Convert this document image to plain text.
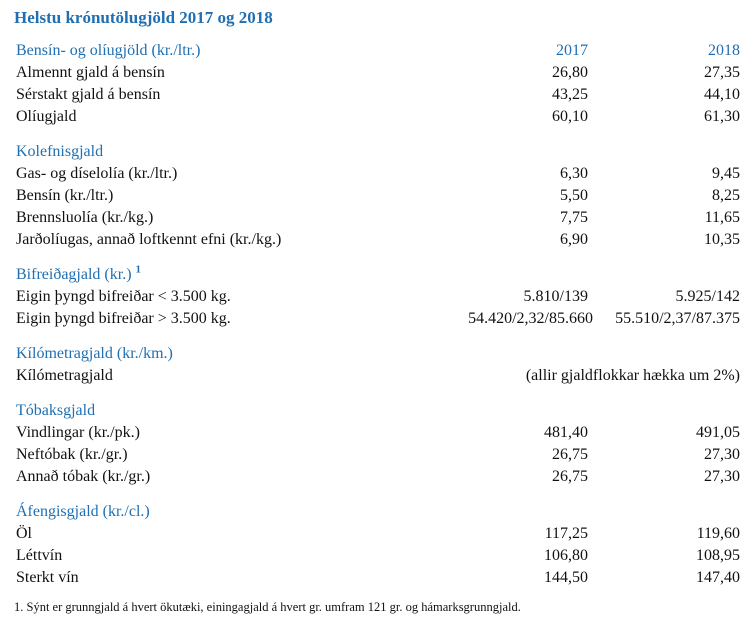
Helstu krónutölugjöld 2017 og 2018
Bensín- og olíugjöld (kr./ltr.)	2017	2018
Almennt gjald á bensín	26,80	27,35
Sérstakt gjald á bensín	43,25	44,10
Olíugjald	60,10	61,30
Kolefnisgjald
Gas- og díselolía (kr./ltr.)	6,30	9,45
Bensín (kr./ltr.)	5,50	8,25
Brennsluolía (kr./kg.)	7,75	11,65
Jarðolíugas, annað loftkennt efni (kr./kg.)	6,90	10,35
Bifreiðagjald (kr.) $^1$
Eigin þyngd bifreiðar < 3.500 kg.	5.810/139	5.925/142
Eigin þyngd bifreiðar > 3.500 kg.	54.420/2,32/85.660 55.510/2,37/87.375
Kílómetragjald (kr./km.)
Kílómetragjald	(allir gjaldflokkar hækka um 2%)
Tóbaksgjald
Vindlingar (kr./pk.)	481,40	491,05
Neftóbak (kr./gr.)	26,75	27,30
Annað tóbak (kr./gr.)	26,75	27,30
Áfengisgjald (kr./cl.)
Öl	117,25	119,60
Léttvín	106,80	108,95
Sterkt vín	144,50	147,40
1. Sýnt er grunngjald á hvert ökutæki, einingagjald á hvert gr. umfram 121 gr. og hámarksgrunngjald.
